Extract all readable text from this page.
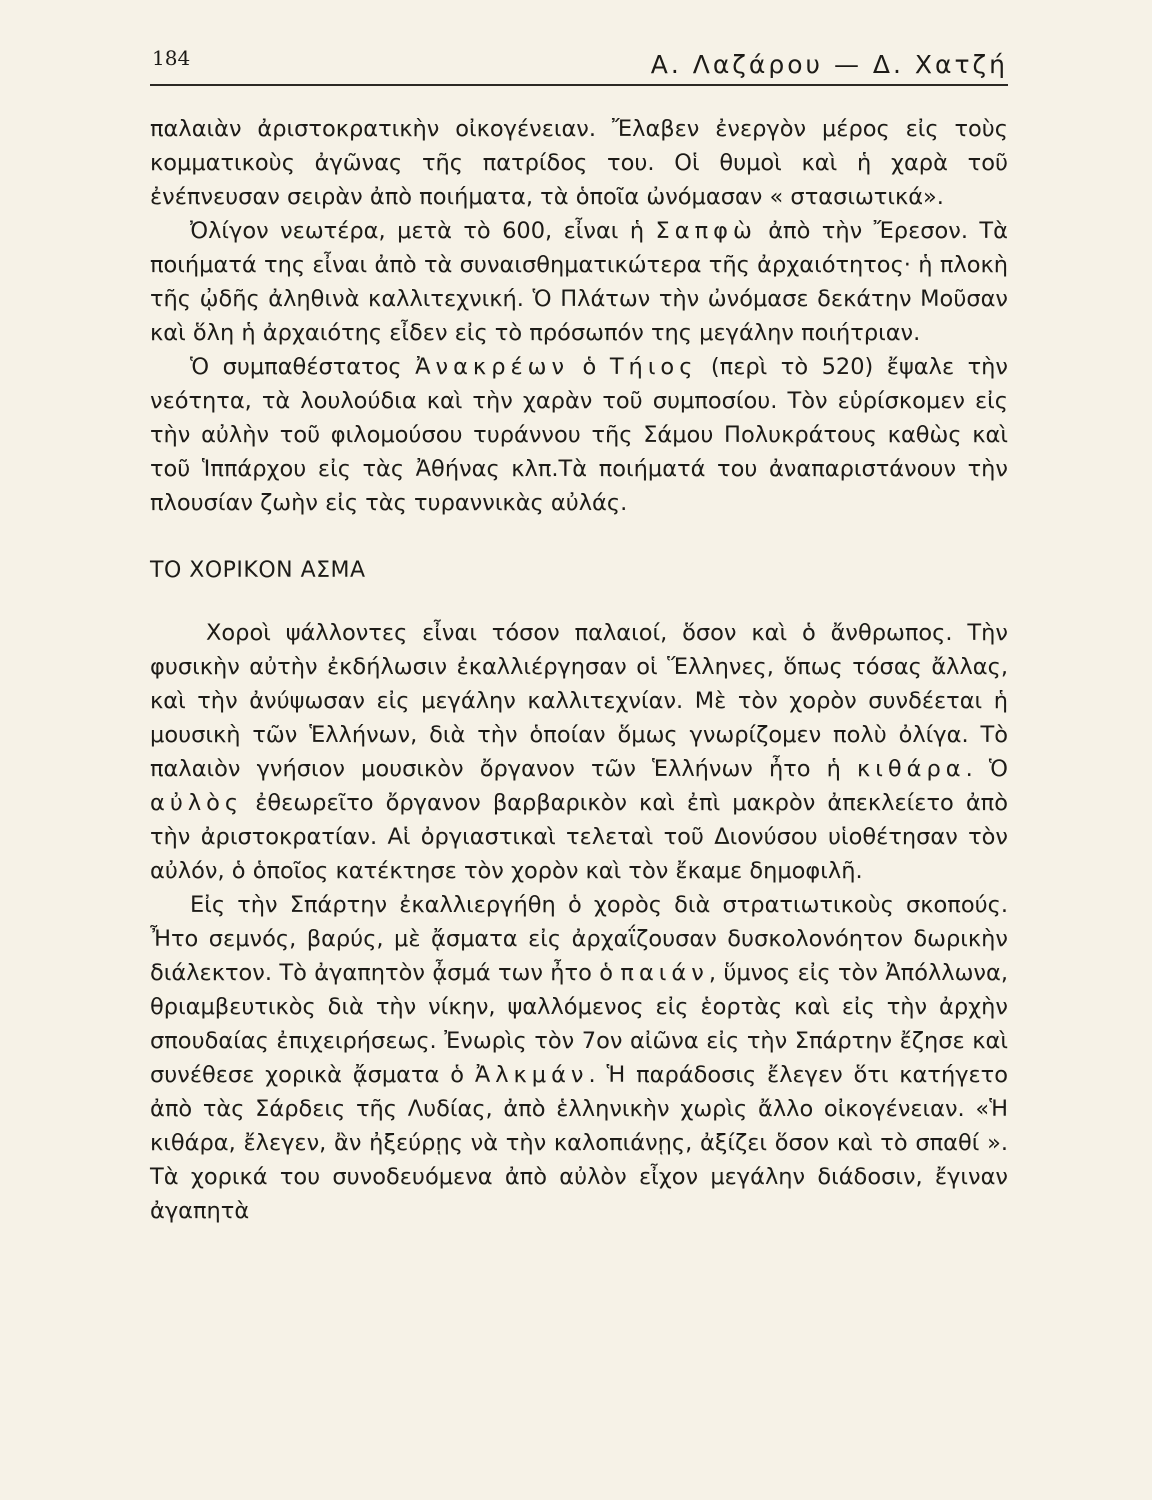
184	Α. Λαζάρου — Δ. Χατζή

παλαιὰν ἀριστοκρατικὴν οἰκογένειαν. Ἔλαβεν ἐνεργὸν μέρος εἰς τοὺς κομματικοὺς ἀγῶνας τῆς πατρίδος του. Οἱ θυμοὶ καὶ ἡ χαρὰ τοῦ ἐνέπνευσαν σειρὰν ἀπὸ ποιήματα, τὰ ὁποῖα ὠνόμασαν « στασιωτικά».

Ὀλίγον νεωτέρα, μετὰ τὸ 600, εἶναι ἡ Σαπφὼ ἀπὸ τὴν Ἔρεσον. Τὰ ποιήματά της εἶναι ἀπὸ τὰ συναισθηματικώτερα τῆς ἀρχαιότητος· ἡ πλοκὴ τῆς ᾠδῆς ἀληθινὰ καλλιτεχνική. Ὁ Πλάτων τὴν ὠνόμασε δεκάτην Μοῦσαν καὶ ὅλη ἡ ἀρχαιότης εἶδεν εἰς τὸ πρόσωπόν της μεγάλην ποιήτριαν.

Ὁ συμπαθέστατος Ἀνακρέων ὁ Τήιος (περὶ τὸ 520) ἔψαλε τὴν νεότητα, τὰ λουλούδια καὶ τὴν χαρὰν τοῦ συμποσίου. Τὸν εὑρίσκομεν εἰς τὴν αὐλὴν τοῦ φιλομούσου τυράννου τῆς Σάμου Πολυκράτους καθὼς καὶ τοῦ Ἱππάρχου εἰς τὰς Ἀθήνας κλπ.Τὰ ποιήματά του ἀναπαριστάνουν τὴν πλουσίαν ζωὴν εἰς τὰς τυραννικὰς αὐλάς.

ΤΟ ΧΟΡΙΚΟΝ ΑΣΜΑ

Χοροὶ ψάλλοντες εἶναι τόσον παλαιοί, ὅσον καὶ ὁ ἄνθρωπος. Τὴν φυσικὴν αὐτὴν ἐκδήλωσιν ἐκαλλιέργησαν οἱ Ἕλληνες, ὅπως τόσας ἄλλας, καὶ τὴν ἀνύψωσαν εἰς μεγάλην καλλιτεχνίαν. Μὲ τὸν χορὸν συνδέεται ἡ μουσικὴ τῶν Ἑλλήνων, διὰ τὴν ὁποίαν ὅμως γνωρίζομεν πολὺ ὀλίγα. Τὸ παλαιὸν γνήσιον μουσικὸν ὄργανον τῶν Ἑλλήνων ἦτο ἡ κιθάρα. Ὁ αὐλὸς ἐθεωρεῖτο ὄργανον βαρβαρικὸν καὶ ἐπὶ μακρὸν ἀπεκλείετο ἀπὸ τὴν ἀριστοκρατίαν. Αἱ ὀργιαστικαὶ τελεταὶ τοῦ Διονύσου υἱοθέτησαν τὸν αὐλόν, ὁ ὁποῖος κατέκτησε τὸν χορὸν καὶ τὸν ἔκαμε δημοφιλῆ.

Εἰς τὴν Σπάρτην ἐκαλλιεργήθη ὁ χορὸς διὰ στρατιωτικοὺς σκοπούς. Ἦτο σεμνός, βαρύς, μὲ ᾄσματα εἰς ἀρχαΐζουσαν δυσκολονόητον δωρικὴν διάλεκτον. Τὸ ἀγαπητὸν ᾆσμά των ἦτο ὁ παιάν, ὕμνος εἰς τὸν Ἀπόλλωνα, θριαμβευτικὸς διὰ τὴν νίκην, ψαλλόμενος εἰς ἑορτὰς καὶ εἰς τὴν ἀρχὴν σπουδαίας ἐπιχειρήσεως. Ἐνωρὶς τὸν 7ον αἰῶνα εἰς τὴν Σπάρτην ἔζησε καὶ συνέθεσε χορικὰ ᾄσματα ὁ Ἀλκμάν. Ἡ παράδοσις ἔλεγεν ὅτι κατήγετο ἀπὸ τὰς Σάρδεις τῆς Λυδίας, ἀπὸ ἑλληνικὴν χωρὶς ἄλλο οἰκογένειαν. «Ἡ κιθάρα, ἔλεγεν, ἂν ἠξεύρῃς νὰ τὴν καλοπιάνῃς, ἀξίζει ὅσον καὶ τὸ σπαθί ». Τὰ χορικά του συνοδευόμενα ἀπὸ αὐλὸν εἶχον μεγάλην διάδοσιν, ἔγιναν ἀγαπητὰ
